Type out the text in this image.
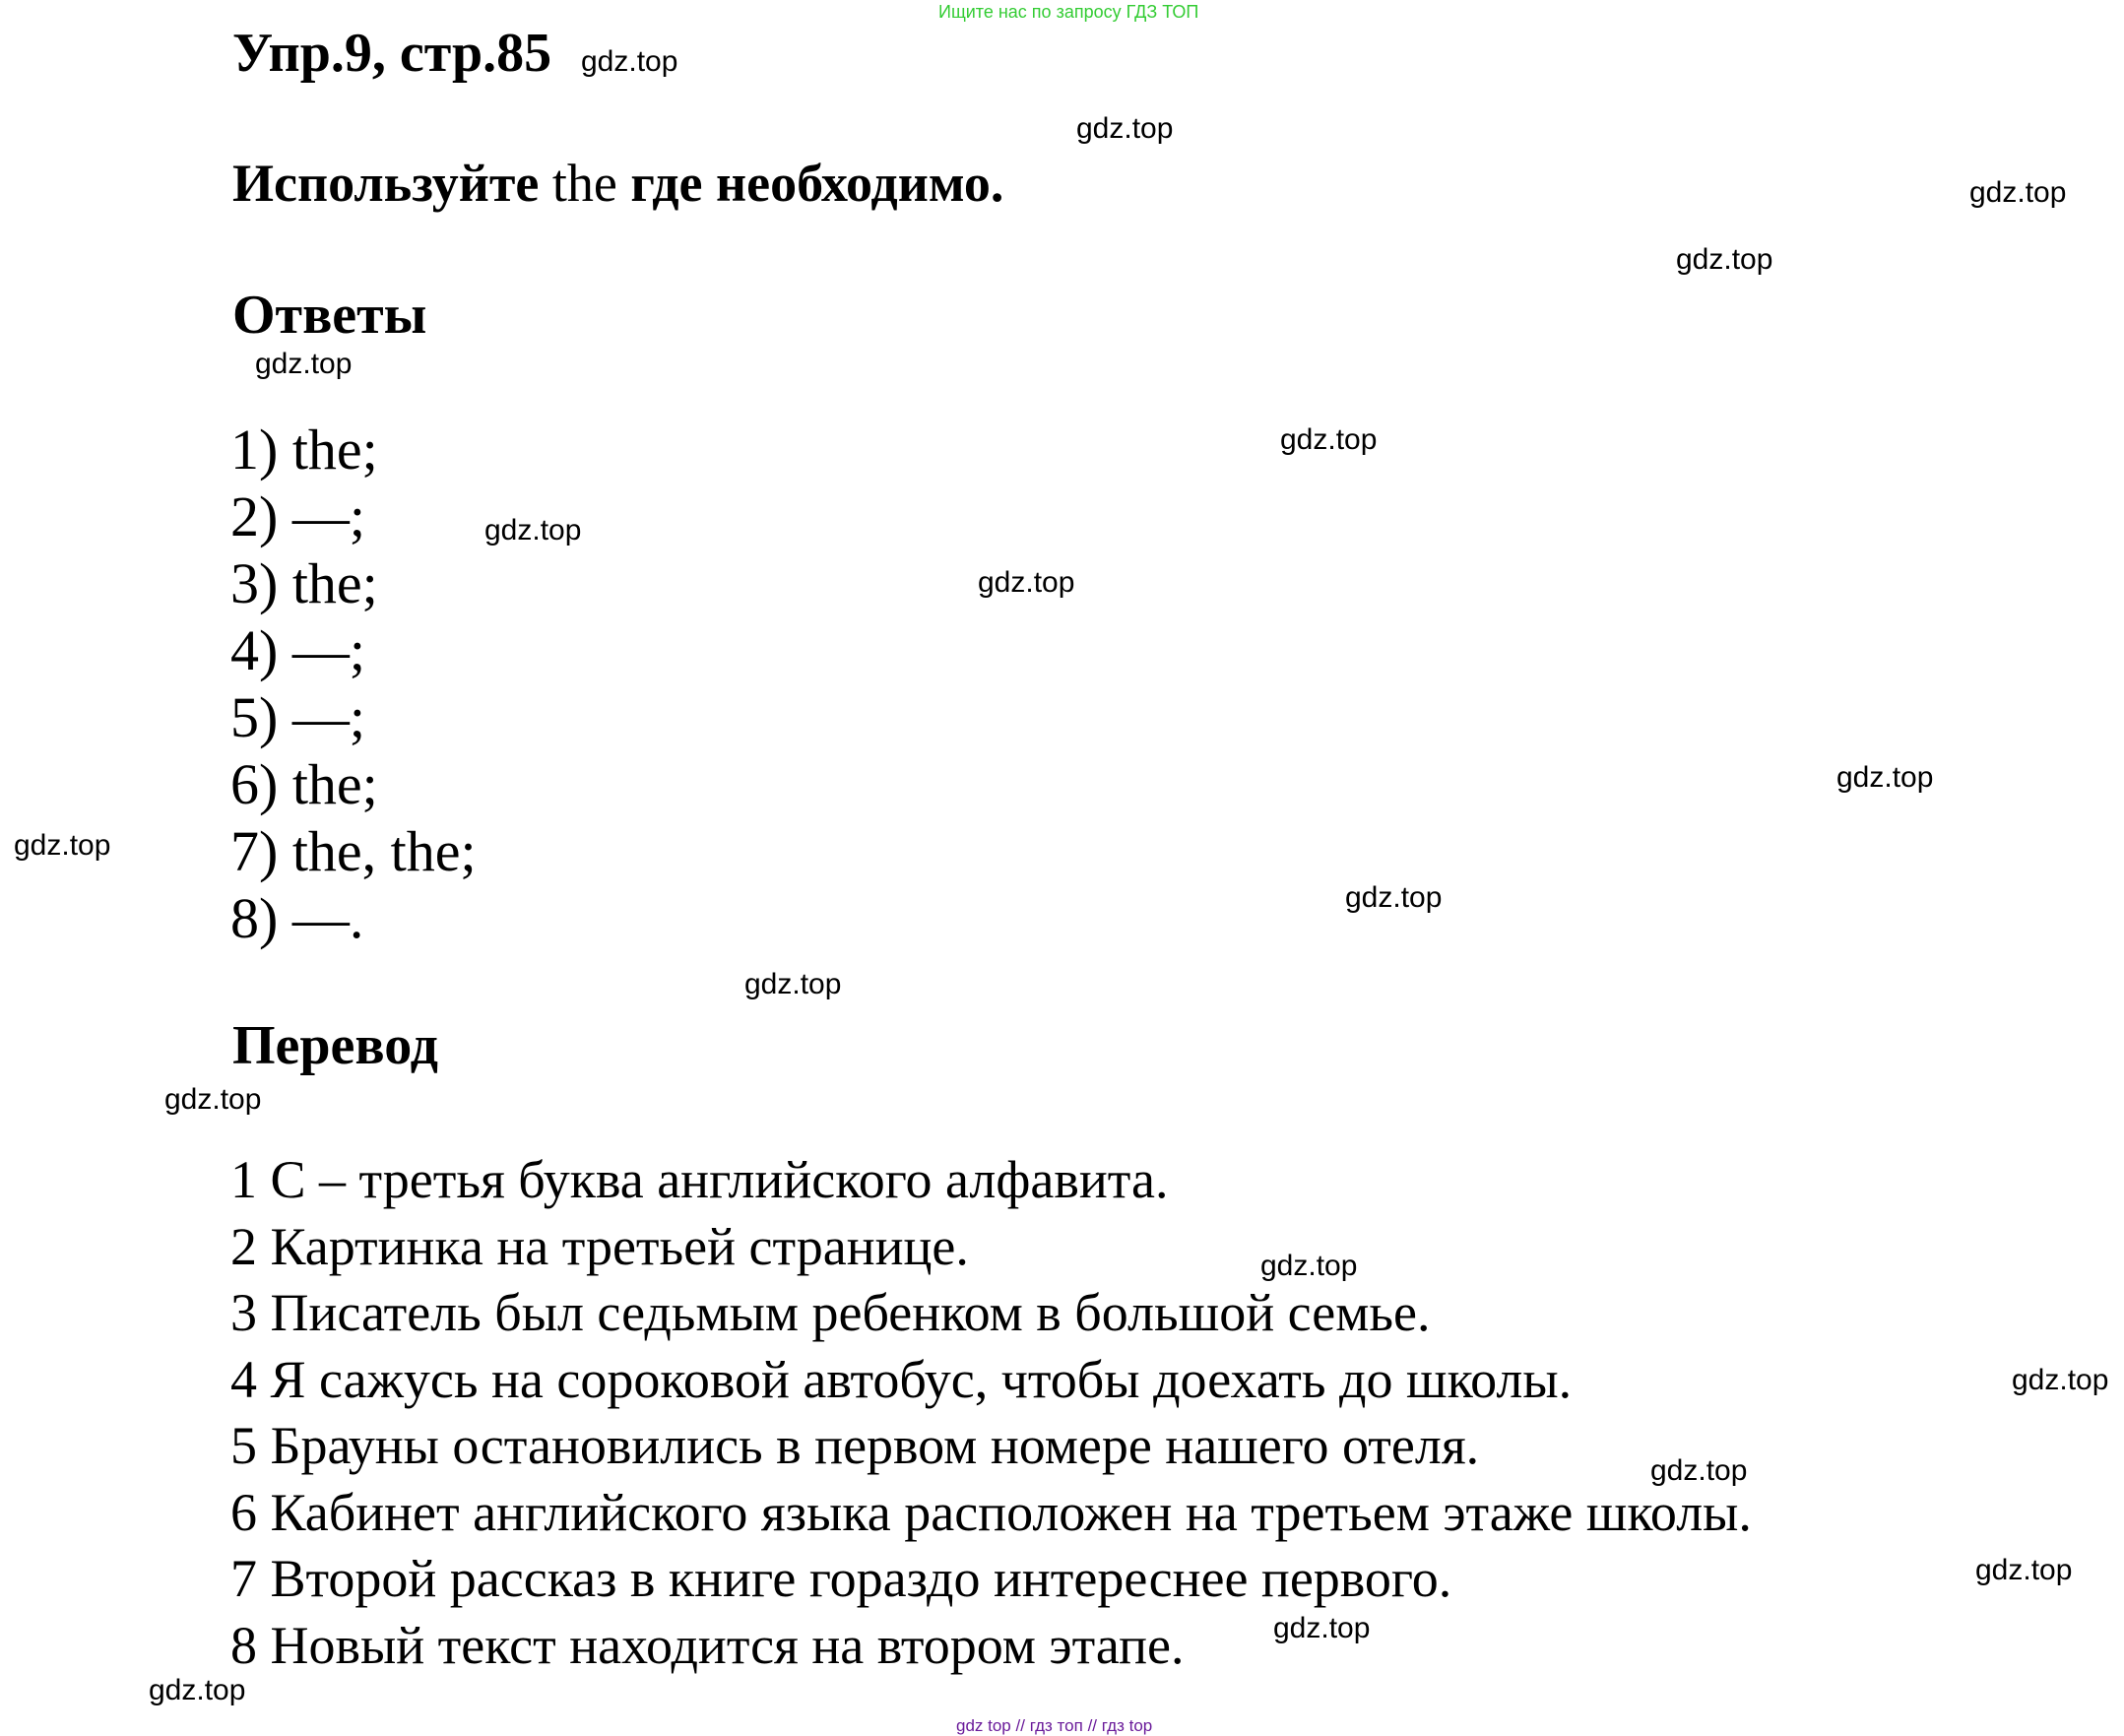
Ищите нас по запросу ГДЗ ТОП
Упр.9, стр.85
Используйте the где необходимо.
Ответы
1) the;
2) —;
3) the;
4) —;
5) —;
6) the;
7) the, the;
8) —.
Перевод
1 С – третья буква английского алфавита.
2 Картинка на третьей странице.
3 Писатель был седьмым ребенком в большой семье.
4 Я сажусь на сороковой автобус, чтобы доехать до школы.
5 Брауны остановились в первом номере нашего отеля.
6 Кабинет английского языка расположен на третьем этаже школы.
7 Второй рассказ в книге гораздо интереснее первого.
8 Новый текст находится на втором этапе.
gdz.top
gdz.top
gdz.top
gdz.top
gdz.top
gdz.top
gdz.top
gdz.top
gdz.top
gdz.top
gdz.top
gdz.top
gdz.top
gdz.top
gdz.top
gdz.top
gdz.top
gdz.top
gdz.top
gdz top // гдз топ // гдз top
